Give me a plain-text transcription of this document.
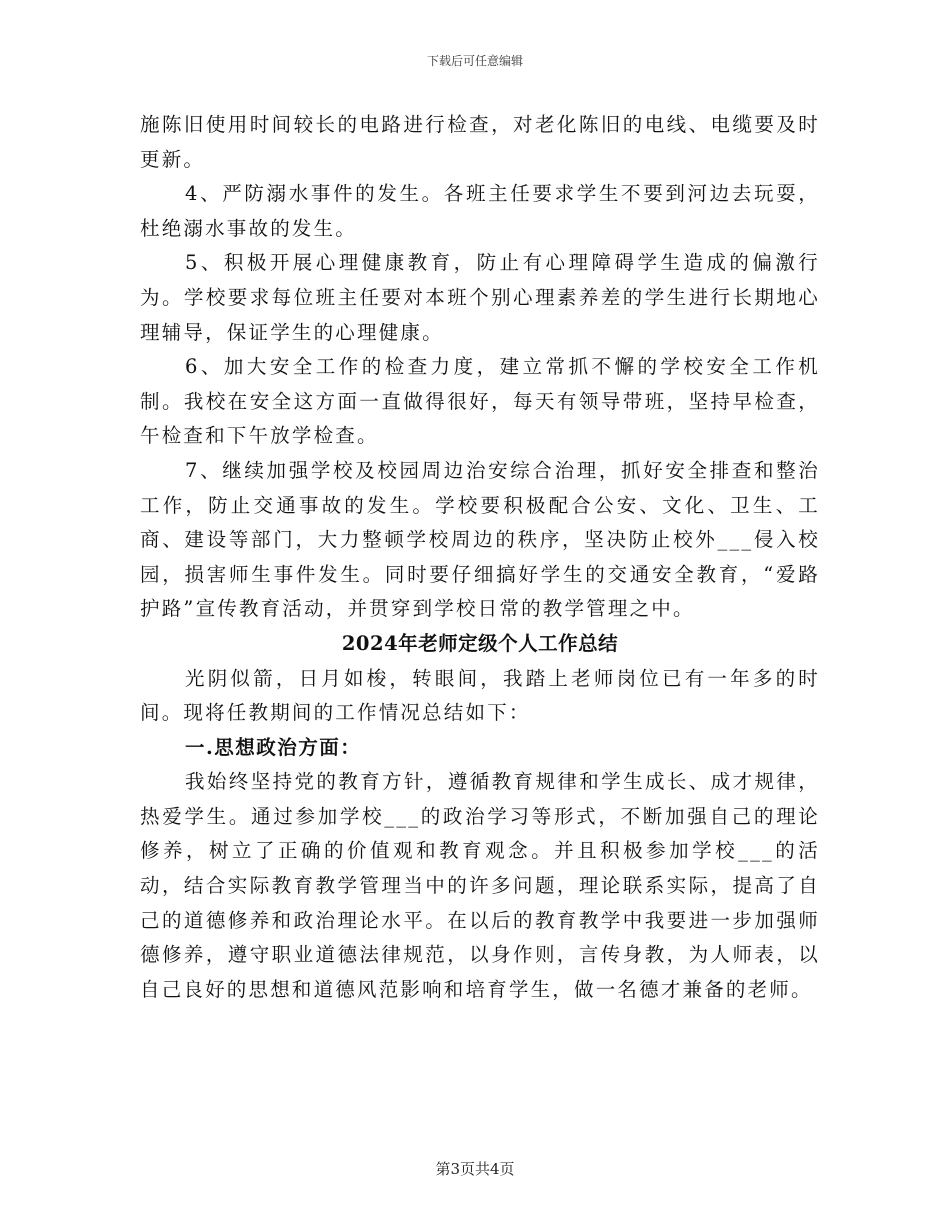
下载后可任意编辑

施陈旧使用时间较长的电路进行检查，对老化陈旧的电线、电缆要及时更新。

4、严防溺水事件的发生。各班主任要求学生不要到河边去玩耍，杜绝溺水事故的发生。

5、积极开展心理健康教育，防止有心理障碍学生造成的偏激行为。学校要求每位班主任要对本班个别心理素养差的学生进行长期地心理辅导，保证学生的心理健康。

6、加大安全工作的检查力度，建立常抓不懈的学校安全工作机制。我校在安全这方面一直做得很好，每天有领导带班，坚持早检查，午检查和下午放学检查。

7、继续加强学校及校园周边治安综合治理，抓好安全排查和整治工作，防止交通事故的发生。学校要积极配合公安、文化、卫生、工商、建设等部门，大力整顿学校周边的秩序，坚决防止校外___侵入校园，损害师生事件发生。同时要仔细搞好学生的交通安全教育，“爱路护路”宣传教育活动，并贯穿到学校日常的教学管理之中。

2024年老师定级个人工作总结

光阴似箭，日月如梭，转眼间，我踏上老师岗位已有一年多的时间。现将任教期间的工作情况总结如下：

一.思想政治方面：

我始终坚持党的教育方针，遵循教育规律和学生成长、成才规律，热爱学生。通过参加学校___的政治学习等形式，不断加强自己的理论修养，树立了正确的价值观和教育观念。并且积极参加学校___的活动，结合实际教育教学管理当中的许多问题，理论联系实际，提高了自己的道德修养和政治理论水平。在以后的教育教学中我要进一步加强师德修养，遵守职业道德法律规范，以身作则，言传身教，为人师表，以自己良好的思想和道德风范影响和培育学生，做一名德才兼备的老师。

第3页共4页
